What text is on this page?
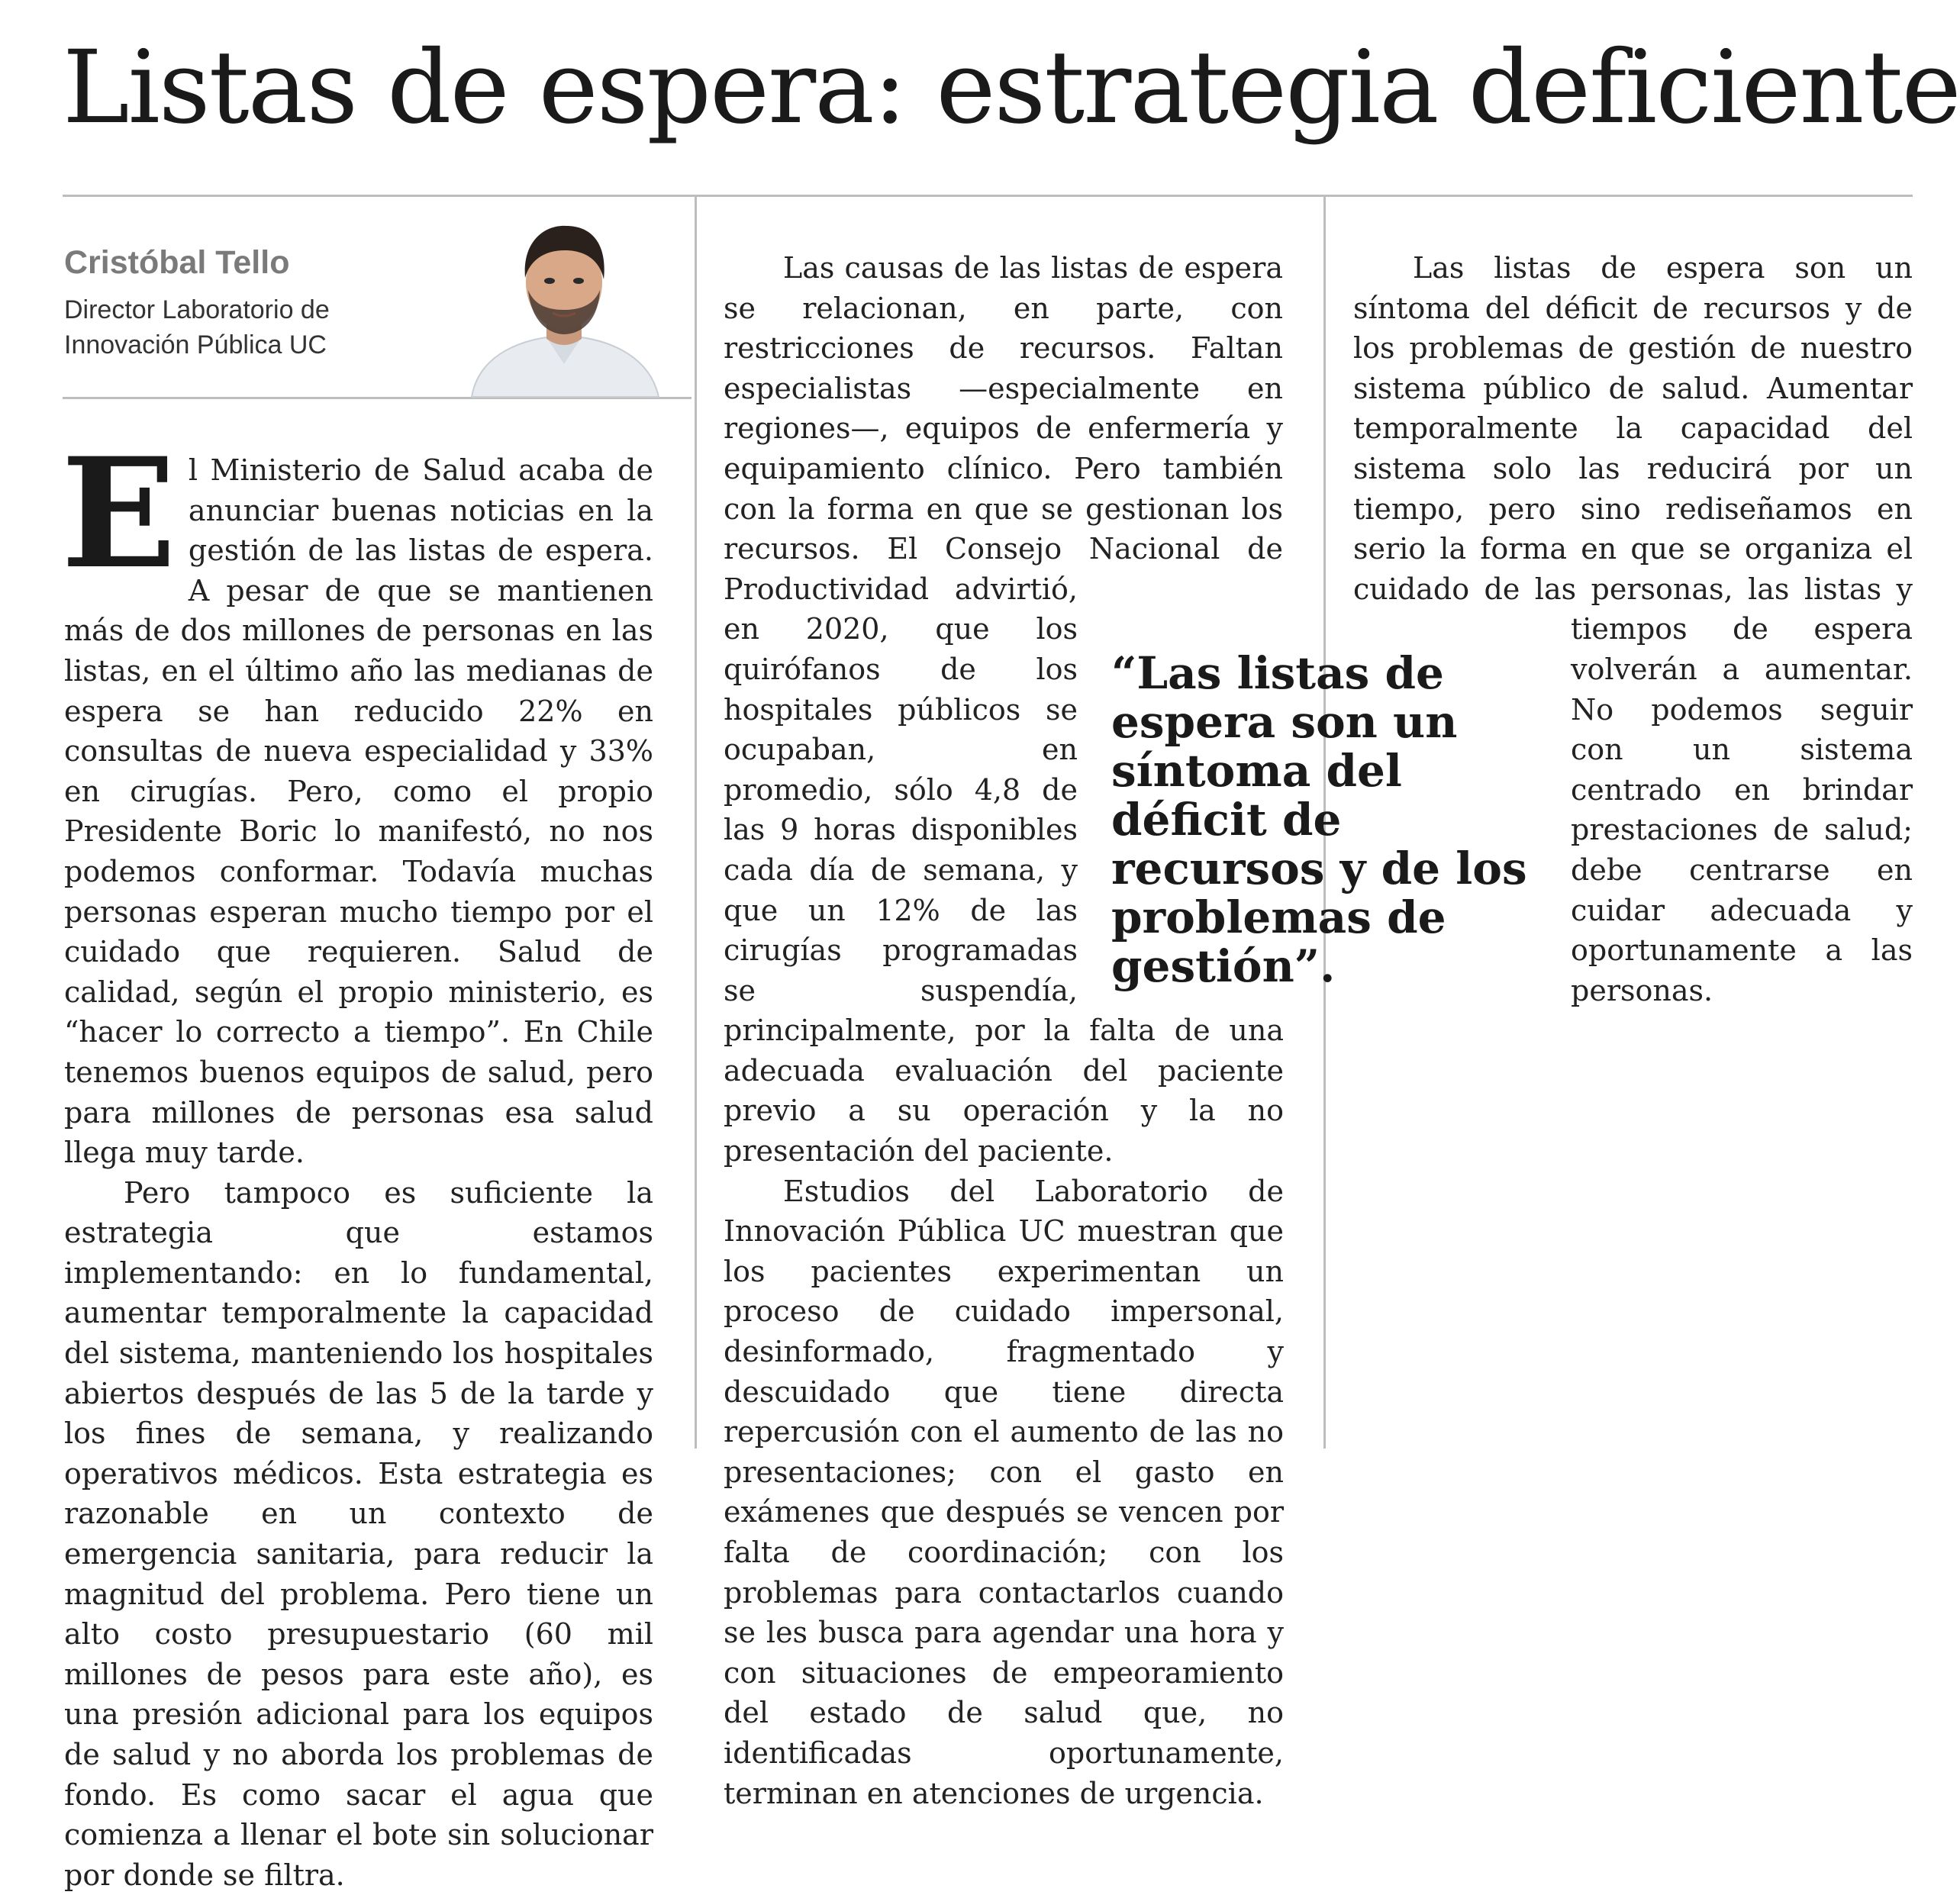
Listas de espera: estrategia deficiente
Cristóbal Tello
Director Laboratorio de Innovación Pública UC

El Ministerio de Salud acaba de anunciar buenas noticias en la gestión de las listas de espera. A pesar de que se mantienen más de dos millones de personas en las listas, en el último año las medianas de espera se han reducido 22% en consultas de nueva especialidad y 33% en cirugías. Pero, como el propio Presidente Boric lo manifestó, no nos podemos conformar. Todavía muchas personas esperan mucho tiempo por el cuidado que requieren. Salud de calidad, según el propio ministerio, es “hacer lo correcto a tiempo”. En Chile tenemos buenos equipos de salud, pero para millones de personas esa salud llega muy tarde.

Pero tampoco es suficiente la estrategia que estamos implementando: en lo fundamental, aumentar temporalmente la capacidad del sistema, manteniendo los hospitales abiertos después de las 5 de la tarde y los fines de semana, y realizando operativos médicos. Esta estrategia es razonable en un contexto de emergencia sanitaria, para reducir la magnitud del problema. Pero tiene un alto costo presupuestario (60 mil millones de pesos para este año), es una presión adicional para los equipos de salud y no aborda los problemas de fondo. Es como sacar el agua que comienza a llenar el bote sin solucionar por donde se filtra.

Las causas de las listas de espera se relacionan, en parte, con restricciones de recursos. Faltan especialistas —especialmente en regiones—, equipos de enfermería y equipamiento clínico. Pero también con la forma en que se gestionan los recursos. El Consejo Nacional de Productividad advirtió, en 2020, que los quirófanos de los hospitales públicos se ocupaban, en promedio, sólo 4,8 de las 9 horas disponibles cada día de semana, y que un 12% de las cirugías programadas se suspendía, principalmente, por la falta de una adecuada evaluación del paciente previo a su operación y la no presentación del paciente.

Estudios del Laboratorio de Innovación Pública UC muestran que los pacientes experimentan un proceso de cuidado impersonal, desinformado, fragmentado y descuidado que tiene directa repercusión con el aumento de las no presentaciones; con el gasto en exámenes que después se vencen por falta de coordinación; con los problemas para contactarlos cuando se les busca para agendar una hora y con situaciones de empeoramiento del estado de salud que, no identificadas oportunamente, terminan en atenciones de urgencia.

Las listas de espera son un síntoma del déficit de recursos y de los problemas de gestión de nuestro sistema público de salud. Aumentar temporalmente la capacidad del sistema solo las reducirá por un tiempo, pero sino rediseñamos en serio la forma en que se organiza el cuidado de las personas, las listas y tiempos de espera volverán a aumentar. No podemos seguir con un sistema centrado en brindar prestaciones de salud; debe centrarse en cuidar adecuada y oportunamente a las personas.

“Las listas de espera son un síntoma del déficit de recursos y de los problemas de gestión”.
